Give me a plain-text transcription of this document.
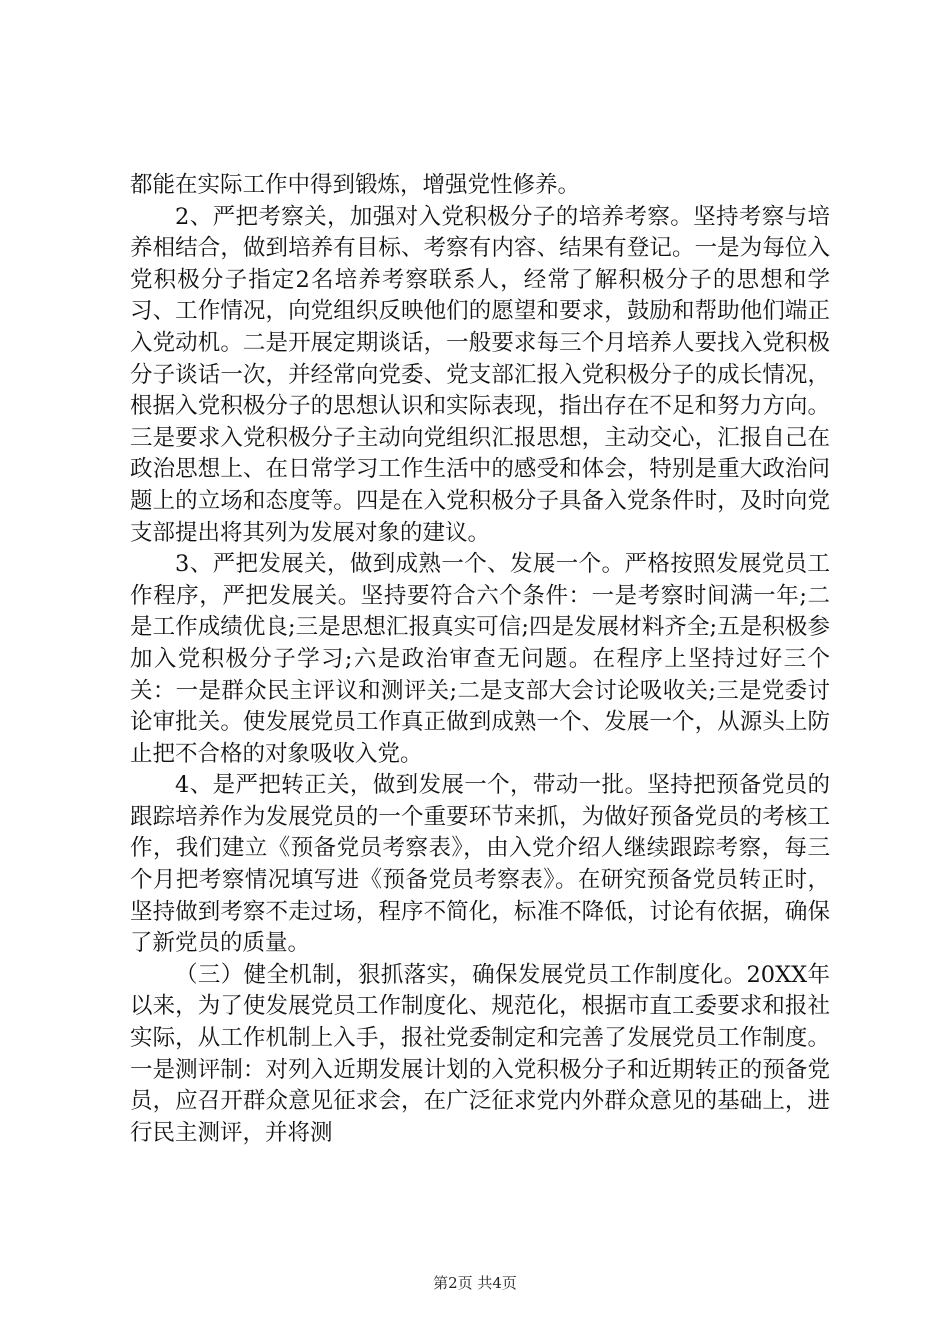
都能在实际工作中得到锻炼，增强党性修养。

2、严把考察关，加强对入党积极分子的培养考察。坚持考察与培养相结合，做到培养有目标、考察有内容、结果有登记。一是为每位入党积极分子指定2名培养考察联系人，经常了解积极分子的思想和学习、工作情况，向党组织反映他们的愿望和要求，鼓励和帮助他们端正入党动机。二是开展定期谈话，一般要求每三个月培养人要找入党积极分子谈话一次，并经常向党委、党支部汇报入党积极分子的成长情况，根据入党积极分子的思想认识和实际表现，指出存在不足和努力方向。三是要求入党积极分子主动向党组织汇报思想，主动交心，汇报自己在政治思想上、在日常学习工作生活中的感受和体会，特别是重大政治问题上的立场和态度等。四是在入党积极分子具备入党条件时，及时向党支部提出将其列为发展对象的建议。

3、严把发展关，做到成熟一个、发展一个。严格按照发展党员工作程序，严把发展关。坚持要符合六个条件：一是考察时间满一年;二是工作成绩优良;三是思想汇报真实可信;四是发展材料齐全;五是积极参加入党积极分子学习;六是政治审查无问题。在程序上坚持过好三个关：一是群众民主评议和测评关;二是支部大会讨论吸收关;三是党委讨论审批关。使发展党员工作真正做到成熟一个、发展一个，从源头上防止把不合格的对象吸收入党。

4、是严把转正关，做到发展一个，带动一批。坚持把预备党员的跟踪培养作为发展党员的一个重要环节来抓，为做好预备党员的考核工作，我们建立《预备党员考察表》，由入党介绍人继续跟踪考察，每三个月把考察情况填写进《预备党员考察表》。在研究预备党员转正时，坚持做到考察不走过场，程序不简化，标准不降低，讨论有依据，确保了新党员的质量。

（三）健全机制，狠抓落实，确保发展党员工作制度化。20XX年以来，为了使发展党员工作制度化、规范化，根据市直工委要求和报社实际，从工作机制上入手，报社党委制定和完善了发展党员工作制度。一是测评制：对列入近期发展计划的入党积极分子和近期转正的预备党员，应召开群众意见征求会，在广泛征求党内外群众意见的基础上，进行民主测评，并将测

第2页 共4页
